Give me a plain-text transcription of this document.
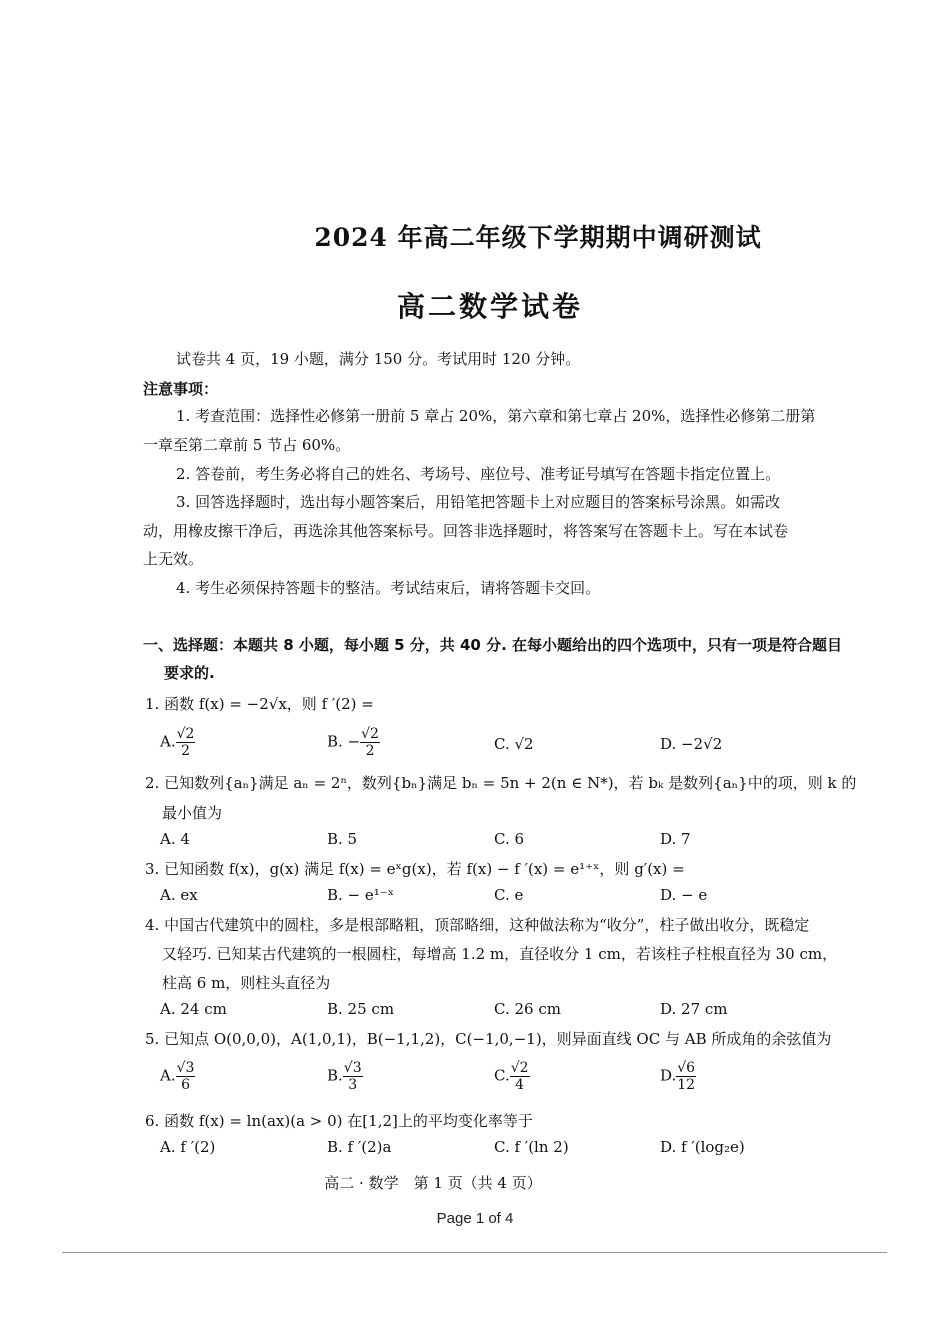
2024 年高二年级下学期期中调研测试
高二数学试卷
试卷共 4 页，19 小题，满分 150 分。考试用时 120 分钟。
注意事项：
1. 考查范围：选择性必修第一册前 5 章占 20%，第六章和第七章占 20%，选择性必修第二册第
一章至第二章前 5 节占 60%。
2. 答卷前，考生务必将自己的姓名、考场号、座位号、准考证号填写在答题卡指定位置上。
3. 回答选择题时，选出每小题答案后，用铅笔把答题卡上对应题目的答案标号涂黑。如需改
动，用橡皮擦干净后，再选涂其他答案标号。回答非选择题时，将答案写在答题卡上。写在本试卷
上无效。
4. 考生必须保持答题卡的整洁。考试结束后，请将答题卡交回。
一、选择题：本题共 8 小题，每小题 5 分，共 40 分. 在每小题给出的四个选项中，只有一项是符合题目
要求的.
1. 函数 f(x) = −2√x，则 f ′(2) =
A. $\frac{√2}{2}$	B. − $\frac{√2}{2}$	C. √2	D. −2√2
2. 已知数列{aₙ}满足 aₙ = 2ⁿ，数列{bₙ}满足 bₙ = 5n + 2(n ∈ N*)，若 bₖ 是数列{aₙ}中的项，则 k 的
最小值为
A. 4	B. 5	C. 6	D. 7
3. 已知函数 f(x)，g(x) 满足 f(x) = eˣg(x)，若 f(x) − f ′(x) = e¹⁺ˣ，则 g′(x) =
A. ex	B. − e¹⁻ˣ	C. e	D. − e
4. 中国古代建筑中的圆柱，多是根部略粗，顶部略细，这种做法称为“收分”，柱子做出收分，既稳定
又轻巧. 已知某古代建筑的一根圆柱，每增高 1.2 m，直径收分 1 cm，若该柱子柱根直径为 30 cm，
柱高 6 m，则柱头直径为
A. 24 cm	B. 25 cm	C. 26 cm	D. 27 cm
5. 已知点 O(0,0,0)，A(1,0,1)，B(−1,1,2)，C(−1,0,−1)，则异面直线 OC 与 AB 所成角的余弦值为
A. $\frac{√3}{6}$	B. $\frac{√3}{3}$	C. $\frac{√2}{4}$	D. $\frac{√6}{12}$
6. 函数 f(x) = ln(ax)(a > 0) 在[1,2]上的平均变化率等于
A. f ′(2)	B. f ′(2)a	C. f ′(ln 2)	D. f ′(log₂e)
高二 · 数学　第 1 页（共 4 页）
Page 1 of 4
